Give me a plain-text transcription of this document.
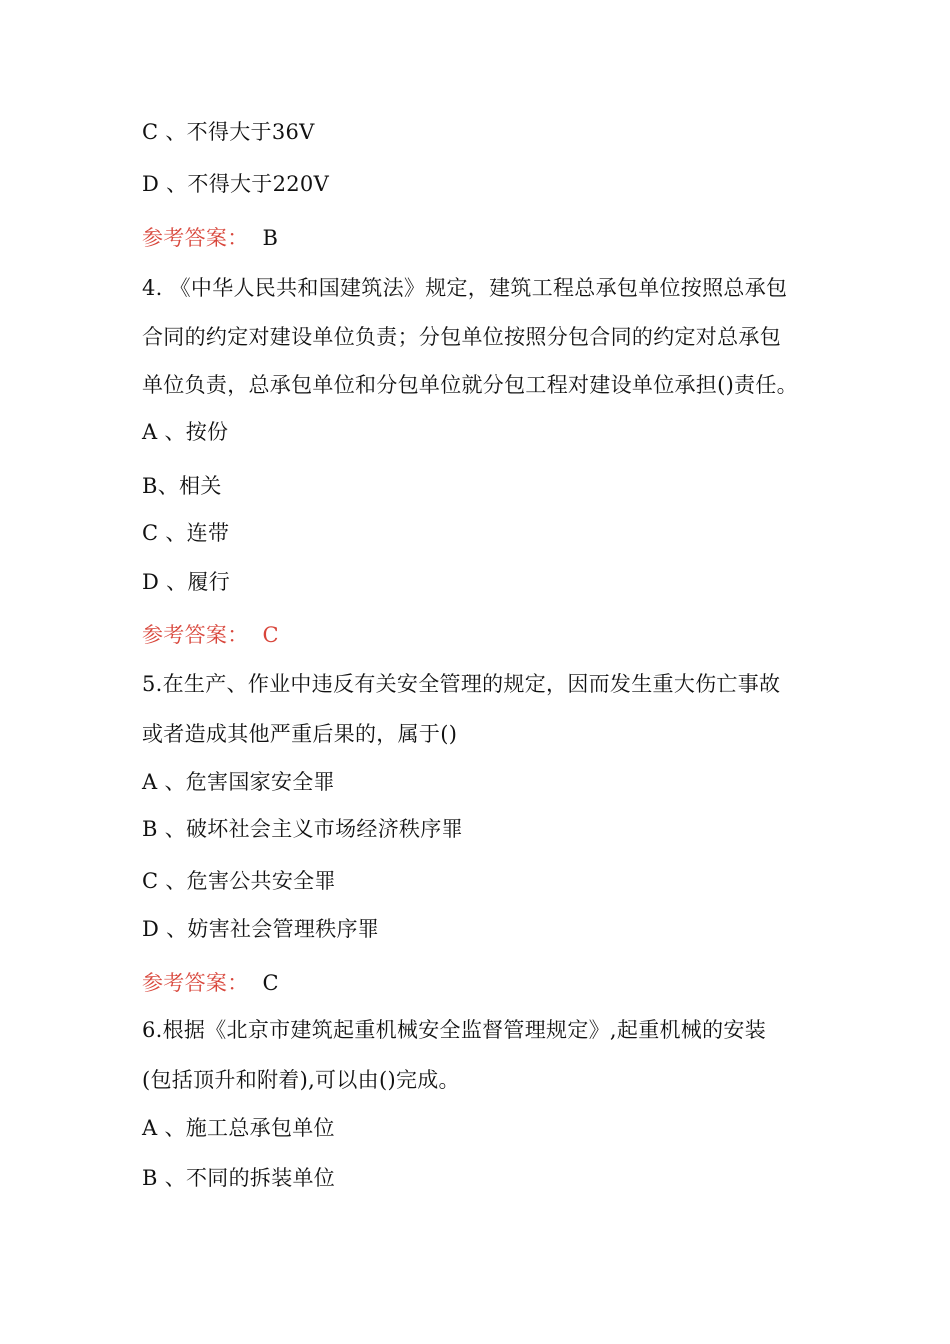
C 、不得大于36V
D 、不得大于220V
参考答案： B
4. 《中华人民共和国建筑法》规定，建筑工程总承包单位按照总承包
合同的约定对建设单位负责；分包单位按照分包合同的约定对总承包
单位负责，总承包单位和分包单位就分包工程对建设单位承担()责任。
A 、按份
B、相关
C 、连带
D 、履行
参考答案： C
5.在生产、作业中违反有关安全管理的规定，因而发生重大伤亡事故
或者造成其他严重后果的，属于()
A 、危害国家安全罪
B 、破坏社会主义市场经济秩序罪
C 、危害公共安全罪
D 、妨害社会管理秩序罪
参考答案： C
6.根据《北京市建筑起重机械安全监督管理规定》,起重机械的安装
(包括顶升和附着),可以由()完成。
A 、施工总承包单位
B 、不同的拆装单位
